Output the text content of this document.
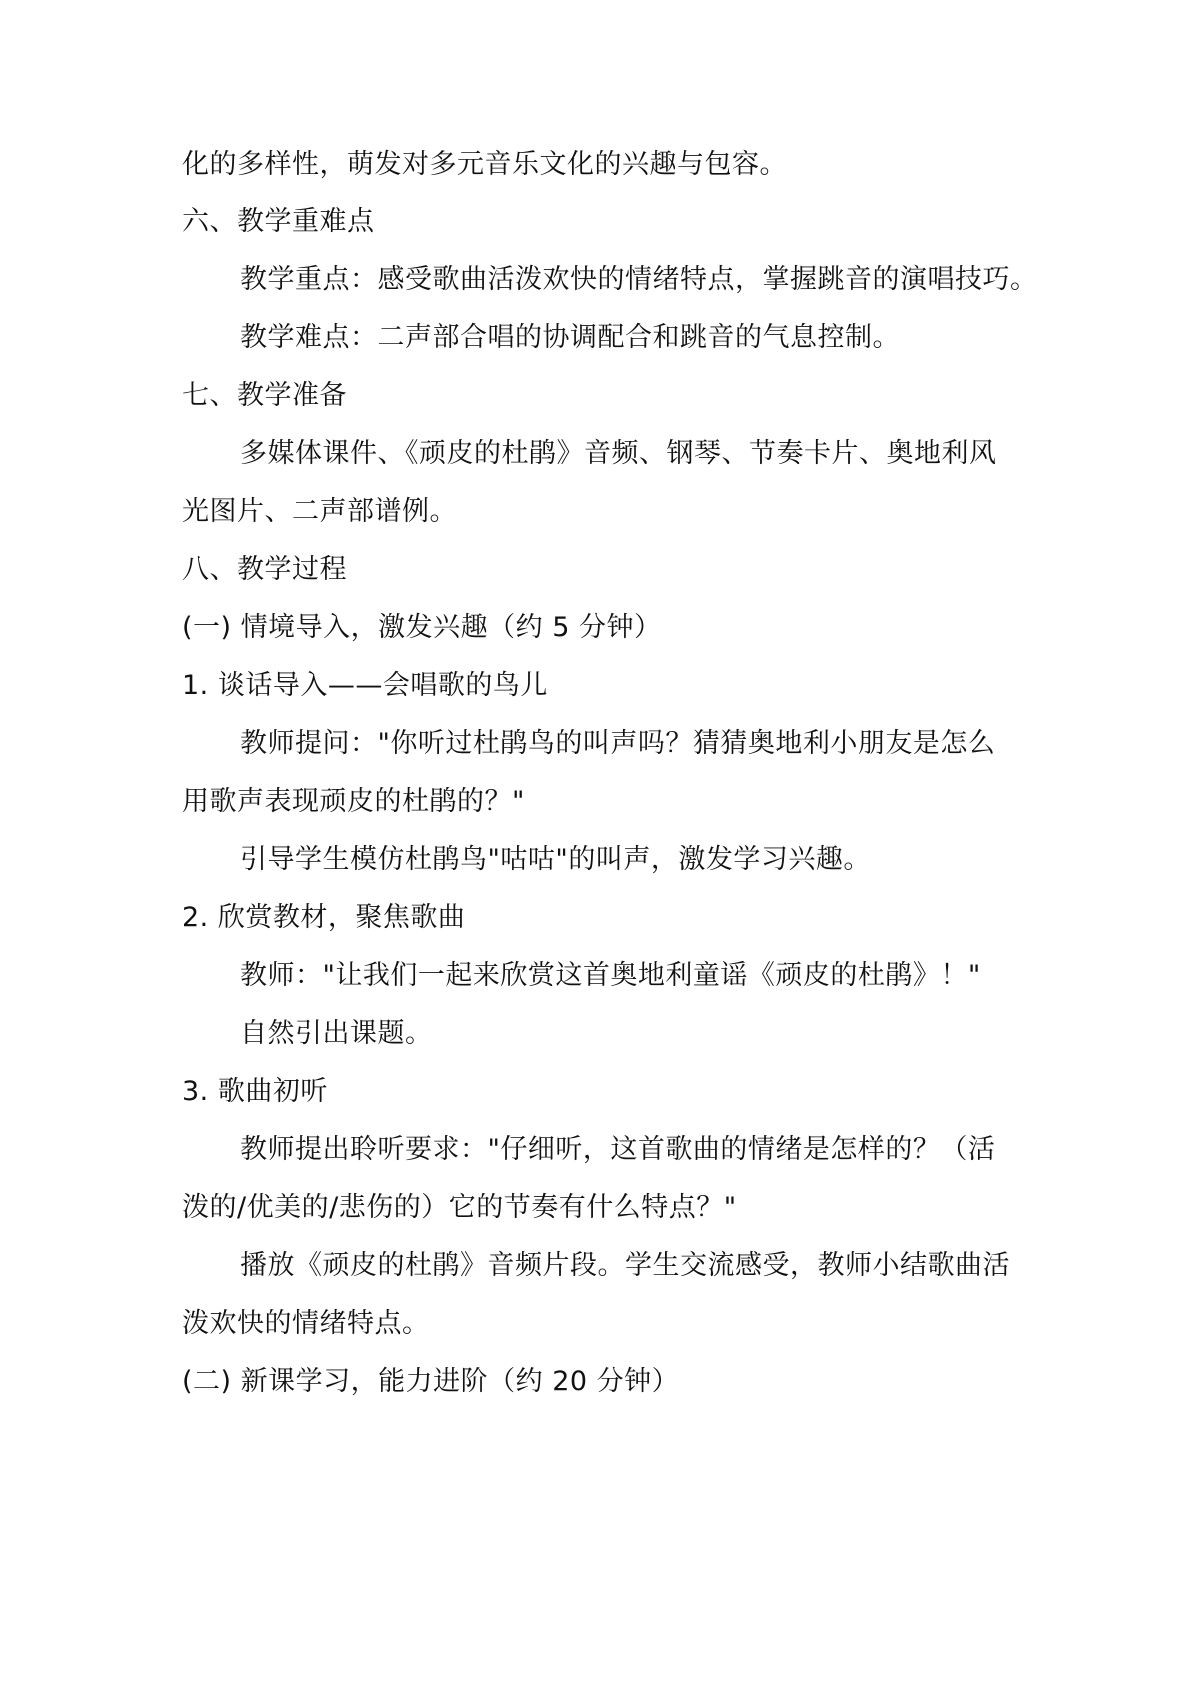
化的多样性，萌发对多元音乐文化的兴趣与包容。
六、教学重难点
教学重点：感受歌曲活泼欢快的情绪特点，掌握跳音的演唱技巧。
教学难点：二声部合唱的协调配合和跳音的气息控制。
七、教学准备
多媒体课件、《顽皮的杜鹃》音频、钢琴、节奏卡片、奥地利风
光图片、二声部谱例。
八、教学过程
(一) 情境导入，激发兴趣（约 5 分钟）
1. 谈话导入——会唱歌的鸟儿
教师提问："你听过杜鹃鸟的叫声吗？猜猜奥地利小朋友是怎么
用歌声表现顽皮的杜鹃的？"
引导学生模仿杜鹃鸟"咕咕"的叫声，激发学习兴趣。
2. 欣赏教材，聚焦歌曲
教师："让我们一起来欣赏这首奥地利童谣《顽皮的杜鹃》！"
自然引出课题。
3. 歌曲初听
教师提出聆听要求："仔细听，这首歌曲的情绪是怎样的？（活
泼的/优美的/悲伤的）它的节奏有什么特点？"
播放《顽皮的杜鹃》音频片段。学生交流感受，教师小结歌曲活
泼欢快的情绪特点。
(二) 新课学习，能力进阶（约 20 分钟）
